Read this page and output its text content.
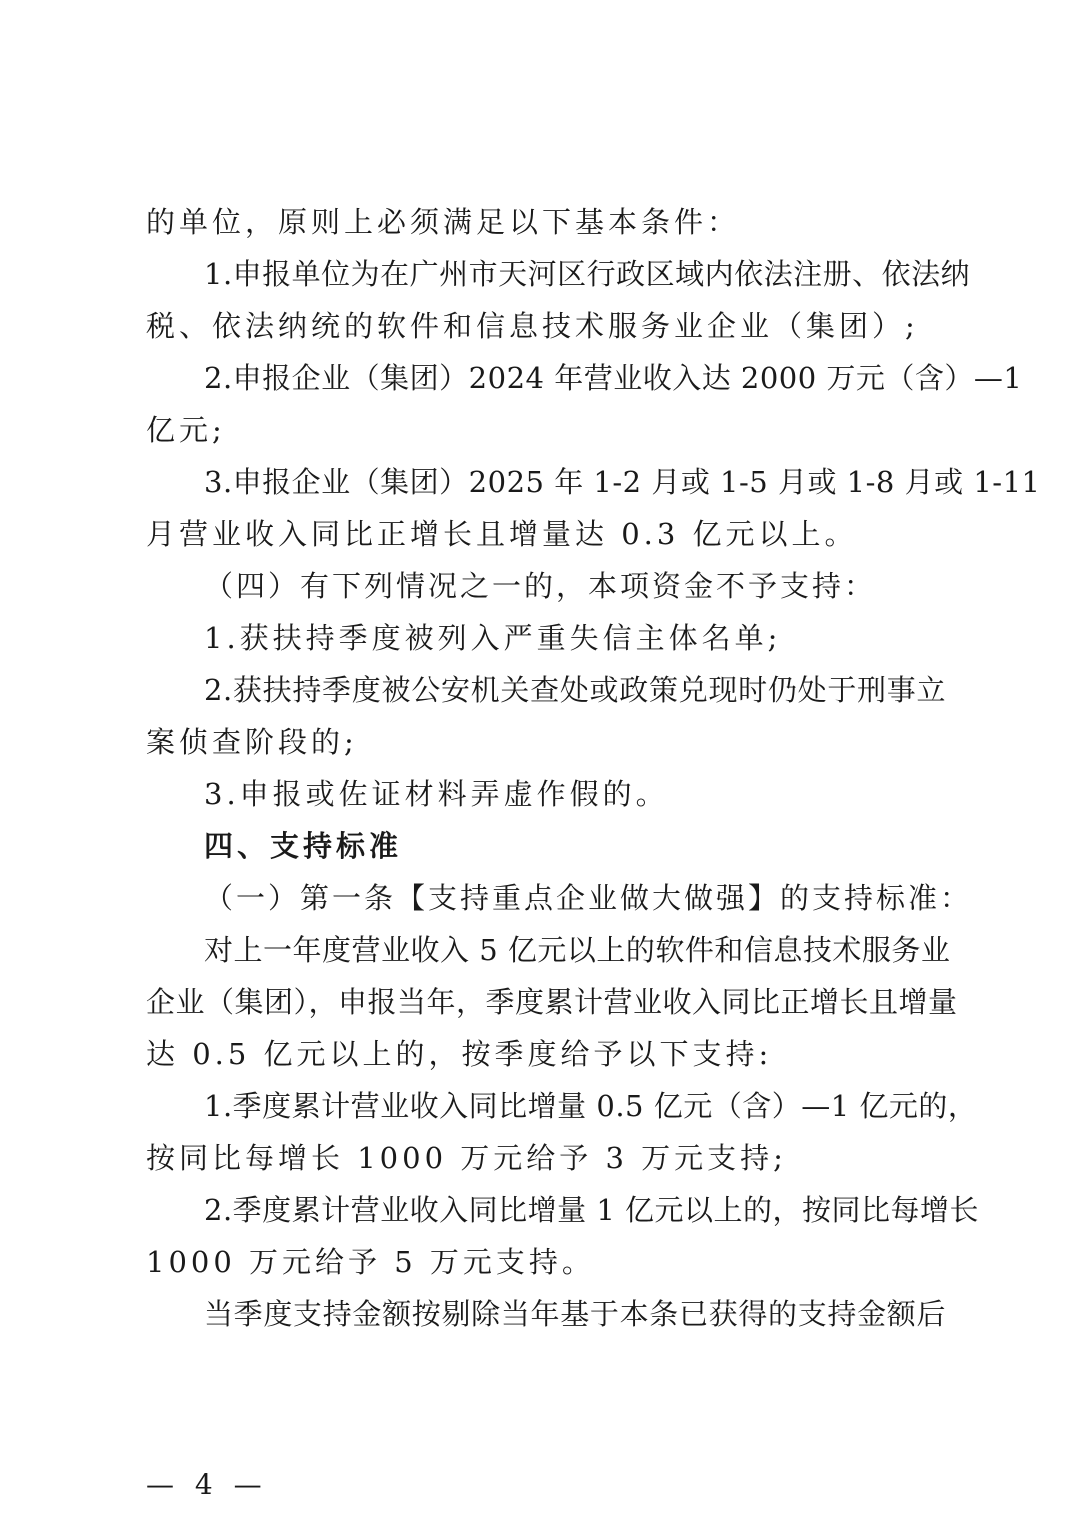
的单位，原则上必须满足以下基本条件：
1.申报单位为在广州市天河区行政区域内依法注册、依法纳
税、依法纳统的软件和信息技术服务业企业（集团）;
2.申报企业（集团）2024 年营业收入达 2000 万元（含）—1
亿元;
3.申报企业（集团）2025 年 1-2 月或 1-5 月或 1-8 月或 1-11
月营业收入同比正增长且增量达 0.3 亿元以上。
（四）有下列情况之一的，本项资金不予支持：
1.获扶持季度被列入严重失信主体名单;
2.获扶持季度被公安机关查处或政策兑现时仍处于刑事立
案侦查阶段的;
3.申报或佐证材料弄虚作假的。
四、支持标准
（一）第一条【支持重点企业做大做强】的支持标准：
对上一年度营业收入 5 亿元以上的软件和信息技术服务业
企业（集团），申报当年，季度累计营业收入同比正增长且增量
达 0.5 亿元以上的，按季度给予以下支持:
1.季度累计营业收入同比增量 0.5 亿元（含）—1 亿元的，
按同比每增长 1000 万元给予 3 万元支持;
2.季度累计营业收入同比增量 1 亿元以上的，按同比每增长
1000 万元给予 5 万元支持。
当季度支持金额按剔除当年基于本条已获得的支持金额后
— 4 —
